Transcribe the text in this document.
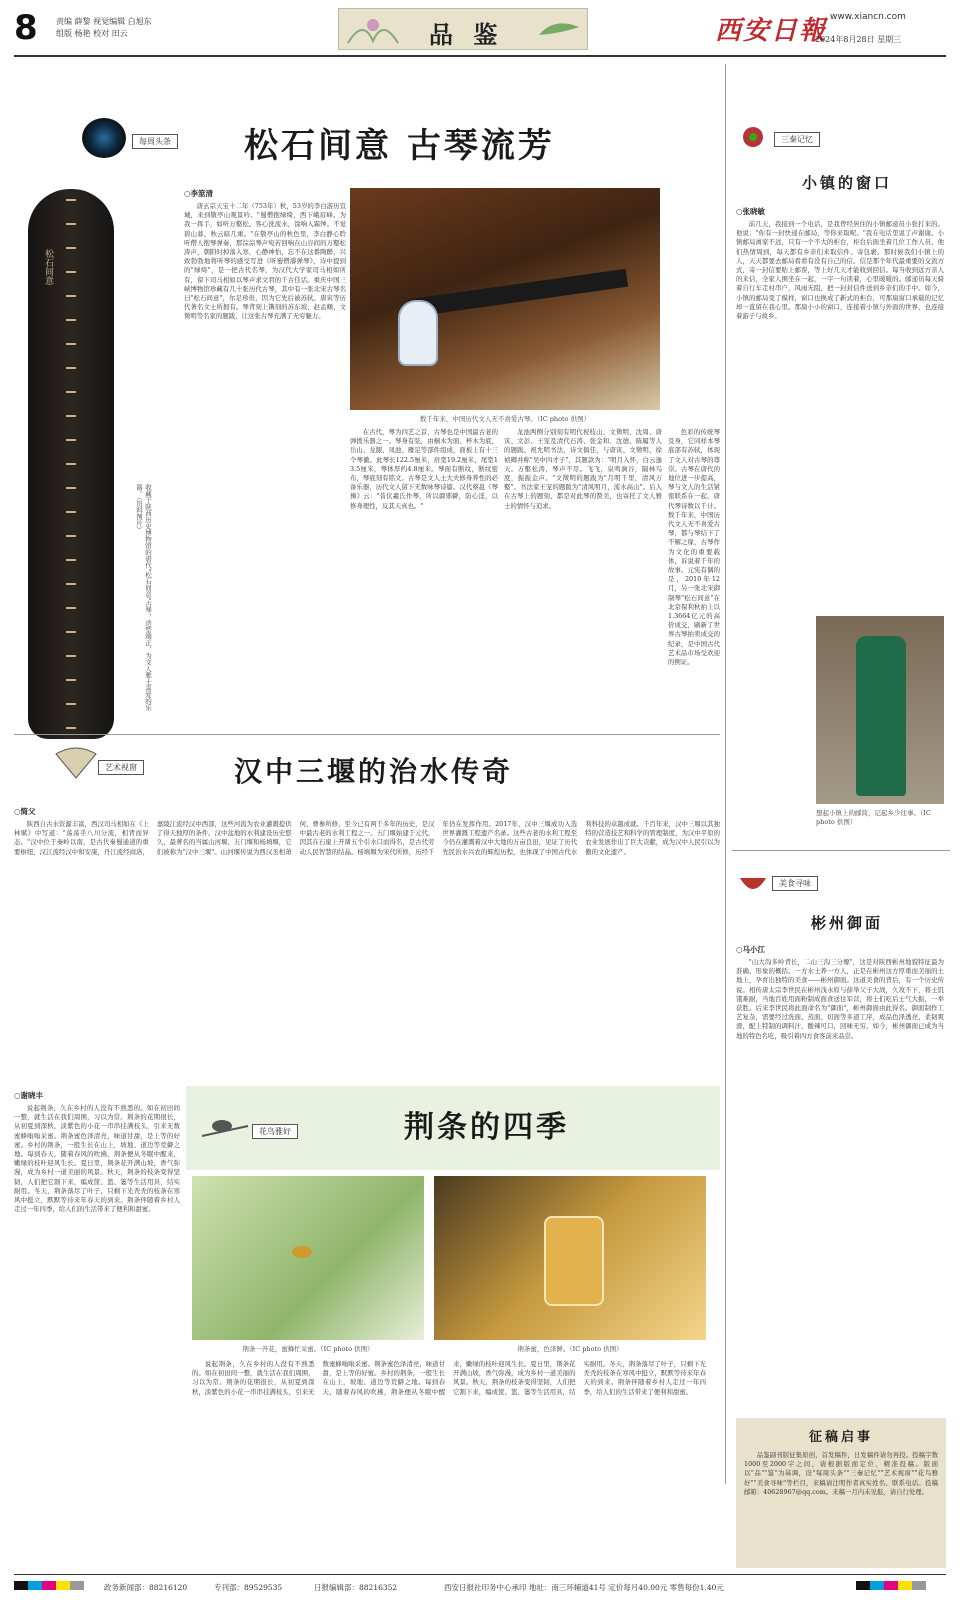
8 责编 薛黎 视觉编辑 白旭东
组版 杨艳 校对 田云	品 鉴	西安日報 www.xiancn.com
2024年8月28日 星期三
每周头条 松石间意 古琴流芳
松石间意
收藏于陕西历史博物馆的唐代"松石间意"古琴，造型端正，为文人雅士喜爱的乐器。（资料图片）
○李筮清

唐玄宗天宝十二年（753年）秋，53岁的李白游历宣城，来到敬亭山观景吟。"蜀僧抱绿绮，西下峨眉峰。为我一挥手，如听万壑松。客心洗流水，馀响入霜钟。不觉碧山暮，秋云暗几重。"在敬亭山的秋色里，李白静心聆听僧人抱琴弹奏，那淙淙琴声宛若回响在山谷间的万壑松涛声，朝阳时掉落入寒，心静神怡，忘不在这番陶醉，兴致勃勃地将听琴的感受写进《听蜀僧濬弹琴》，诗中提到的"绿绮"，是一把古代名琴，为汉代大学家司马相如所有，留下司马相如以琴声求文君的千古佳话。重庆中国三峡博物馆珍藏有几十张历代古琴，其中有一张北宋古琴名曰"松石间意"，尔足珍贵，因为它先后被苏轼、唐寅等历代著名文士所拥有。琴背刻上镌刻的苏东坡、赵孟頫、文徵明等名家的题跋，让这张古琴充满了无穷魅力。

数千年来，中国历代文人无不喜爱古琴。（IC photo 供图）

在古代，琴为四艺之首，古琴也是中国最古老的弹拨乐器之一。琴身有弦，由桐木为面、梓木为底，岳山、龙龈、凤池、雁足等部件组成，面板上有十三个琴徽。此琴长122.5厘米，肩宽19.2厘米，尾宽13.5厘米，琴体厚约4.8厘米。琴面有断纹，断纹密布，琴底刻有铭文。古琴是文人士大夫修身养性的必备乐器，历代文人留下无数咏琴诗篇。汉代蔡邕《琴操》云："昔伏羲氏作琴，所以御邪僻，防心淫，以修身理性，反其天真也。"

龙池两侧分别刻有明代祝枝山、文徵明、沈周、唐寅、文彭、王宠及清代石涛、张金和、沈德、陈履等人的题跋。祝允明书法，诗文俱佳，与唐寅、文徵明、徐祯卿并称"吴中四才子"，其题款为："明月入怀，白云逸天。万壑松涛，琴声不尽。飞飞，泉鸣涧谷，隔林鸟度，振振金声。"文徵明的题跋为"月明千里，清风万壑"。书法家王宠的题跋为"清风明月，流水高山"。后人在古琴上的题刻，都是对此琴的赞美，也寄托了文人雅士的情怀与追求。

色彩的传统琴及身，它同样本琴底部有苏轼，体现了文人对古琴的尊崇。古琴在唐代的地位进一步提高，琴与文人的生活紧密联系在一起，唐代琴诗数以千计。数千年来，中国历代文人无不喜爱古琴，都与琴结下了不解之缘，古琴作为文化的重要载体，诉说着千年的故事。元宪有偶的是，2010年12月，另一张北宋御制琴"松石间意"在北京保利秋拍上以1.3664亿元的高价成交，刷新了世界古琴拍卖成交的纪录，是中国古代艺术品市场受欢迎的例证。

三秦记忆
小镇的窗口
○张晓敏

前几天，我接到一个电话，是我曾经居住的小镇邮递员小张打来的。他说："你有一封快递在邮局，等你来取呢。"我在电话里说了声谢谢。小镇邮局离家不远，只有一个不大的柜台，柜台后面坐着几位工作人员，他们热情周到，每天都有乡亲们来取信件、寄包裹。那时候我们小镇上的人，天天都要去邮局看看有没有自己的信。信是那个年代最重要的交流方式，寄一封信要贴上邮票，等上好几天才能收到回信。每当收到远方亲人的来信，全家人围坐在一起，一字一句读着，心里暖暖的。邮递员每天骑着自行车走村串户，风雨无阻，把一封封信件送到乡亲们的手中。如今，小镇的邮局变了模样，窗口也换成了新式的柜台，可那扇窗口承载的记忆却一直留在我心里。那扇小小的窗口，连接着小镇与外面的世界，也连接着游子与故乡。

想起小镇上的邮筒，记起乡少往事。（IC photo 供图）
艺术视窗	汉中三堰的治水传奇
○简父

陕西自古水资源丰富，西汉司马相如在《上林赋》中写道："荡荡乎八川分流，相背而异态。"汉中位于秦岭以南，是古代秦蜀通道的重要枢纽，汉江流经汉中和安康，丹江流经商洛，嘉陵江流经汉中西部，这些河流为农业灌溉提供了得天独厚的条件。汉中盆地的水利建设历史悠久，最著名的当属山河堰、五门堰和杨填堰，它们被称为"汉中三堰"。山河堰传说为西汉丞相萧何、曹参所修，至今已有两千多年的历史，是汉中最古老的水利工程之一。五门堰始建于元代，因其在石崖上开凿五个引水口而得名，是古代劳动人民智慧的结晶。杨填堰为宋代所修，历经千年仍在发挥作用。2017年，汉中三堰成功入选世界灌溉工程遗产名录。这些古老的水利工程至今仍在灌溉着汉中大地的万亩良田，见证了历代先民治水兴农的辉煌历程，也体现了中国古代水利科技的卓越成就。千百年来，汉中三堰以其独特的营造技艺和科学的管理制度，为汉中平原的农业发展作出了巨大贡献，成为汉中人民引以为傲的文化遗产。

美食寻味
彬州御面
○马小江

"山大沟多岭背长，二山三沟三分塬"，这是对陕西彬州地貌特征最为准确、形象的概括。一方水土养一方人，正是在彬州这方厚重而美丽的土地上，孕育出独特的美食——彬州御面。这道美食的背后，有一个历史传说。相传唐太宗李世民在彬州浅水原与薛举父子大战，久攻不下，将士饥饿难耐，当地百姓用面粉制成面食送往军营，将士们吃后士气大振，一举获胜。后来李世民将此面命名为"御面"，彬州御面由此得名。御面制作工艺复杂，需要经过洗面、蒸面、切面等多道工序，成品色泽透亮、柔韧爽滑，配上特制的调料汁，酸辣可口，回味无穷。如今，彬州御面已成为当地的特色名吃，吸引着四方食客前来品尝。

○谢晓丰

说起荆条，久在乡村的人没有不熟悉的。如在初田间一整，就生活在我们周围，习以为常。荆条的花期很长，从初夏到深秋，淡紫色的小花一串串挂满枝头，引来无数蜜蜂嗡嗡采蜜。荆条蜜色泽清亮，味道甘甜，是上等的好蜜。乡村的荆条，一般生长在山上，坡地、道边等荒僻之地。每到春天，随着春风的吹拂，荆条便从冬眠中醒来，嫩绿的枝叶迎风生长。夏日里，荆条花开满山坡，香气弥漫，成为乡村一道美丽的风景。秋天，荆条的枝条变得坚韧，人们把它割下来，编成筐、篮、篓等生活用具，结实耐用。冬天，荆条落尽了叶子，只剩下光秃秃的枝条在寒风中挺立，默默等待来年春天的到来。荆条伴随着乡村人走过一年四季，给人们的生活带来了便利和甜蜜。

花鸟雅好	荆条的四季
荆条一开花，蜜蜂忙采蜜。（IC photo 供图）	荆条蜜，色泽鲜。（IC photo 供图）

说起荆条，久在乡村的人没有不熟悉的。如在初田间一整，就生活在我们周围，习以为常。荆条的花期很长，从初夏到深秋，淡紫色的小花一串串挂满枝头，引来无数蜜蜂嗡嗡采蜜。荆条蜜色泽清亮，味道甘甜，是上等的好蜜。乡村的荆条，一般生长在山上，坡地、道边等荒僻之地。每到春天，随着春风的吹拂，荆条便从冬眠中醒来，嫩绿的枝叶迎风生长。夏日里，荆条花开满山坡，香气弥漫，成为乡村一道美丽的风景。秋天，荆条的枝条变得坚韧，人们把它割下来，编成筐、篮、篓等生活用具，结实耐用。冬天，荆条落尽了叶子，只剩下光秃秃的枝条在寒风中挺立，默默等待来年春天的到来。荆条伴随着乡村人走过一年四季，给人们的生活带来了便利和甜蜜。

征稿启事

品鉴副刊版征集原创、首发稿件，日发稿件请勿再投。投稿字数1000至2000字之间，请根据版面定位，精准投稿。版面以"品""鉴"为基调，设"每周头条""三秦记忆""艺术视窗""花鸟雅好""美食寻味"等栏目，来稿请注明作者真实姓名、联系电话。投稿邮箱：40628967@qq.com。来稿一月内未见报，请自行处理。

政务新闻部：88216120	专刊部：89529535	日报编辑部：88216352	西安日报社印务中心承印 地址：南三环辅道41号 定价每月40.00元 零售每份1.40元
